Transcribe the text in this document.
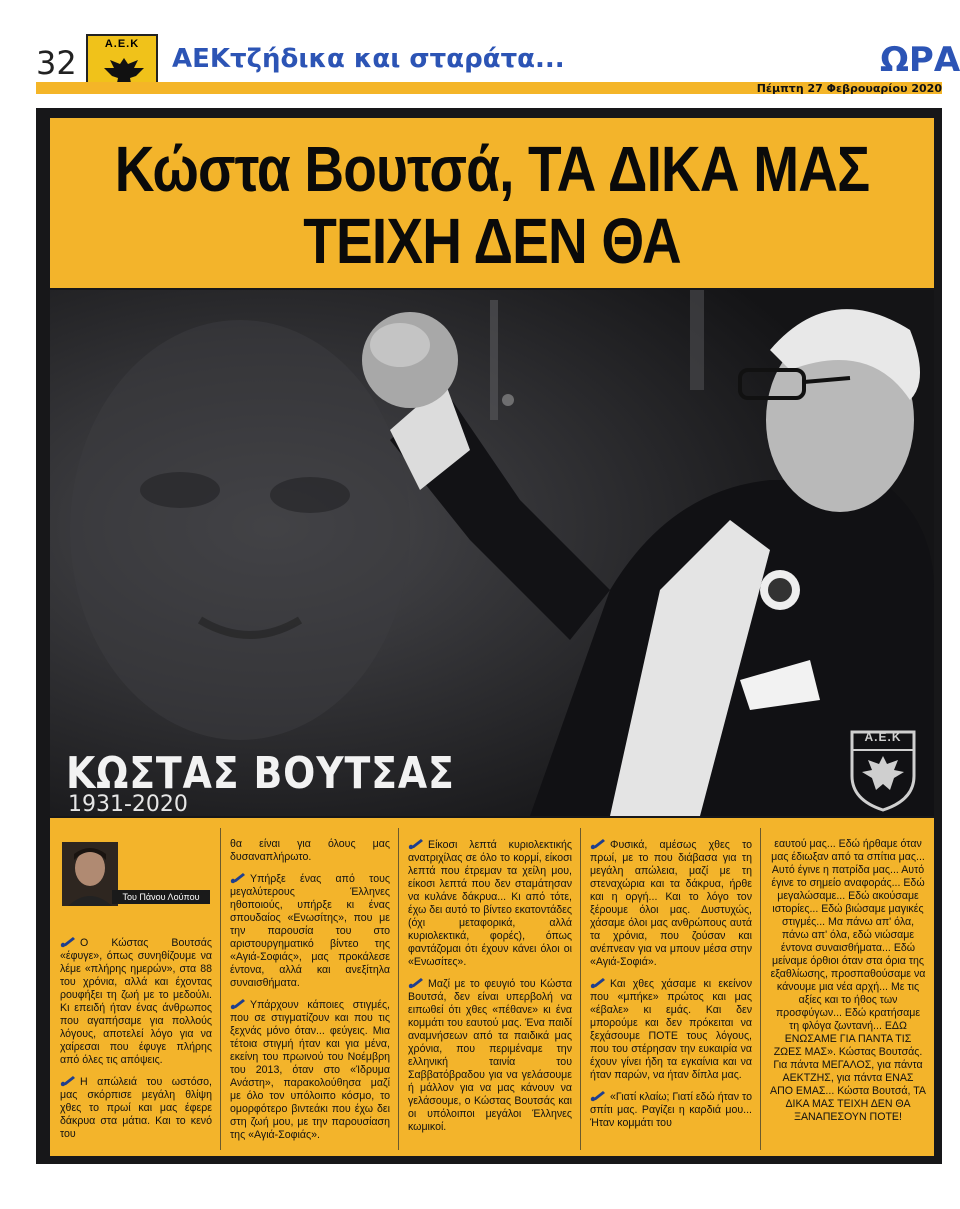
32	Α.Ε.Κ	ΑΕΚτζήδικα και σταράτα...	ΩΡΑ
Πέμπτη 27 Φεβρουαρίου 2020
Κώστα Βουτσά, ΤΑ ΔΙΚΑ ΜΑΣ
ΤΕΙΧΗ ΔΕΝ ΘΑ
ΚΩΣΤΑΣ ΒΟΥΤΣΑΣ
1931-2020
Α.Ε.Κ
Του Πάνου Λούπου

Ο Κώστας Βουτσάς «έφυγε», όπως συνηθίζουμε να λέμε «πλήρης ημερών», στα 88 του χρόνια, αλλά και έχοντας ρουφήξει τη ζωή με το μεδούλι. Κι επειδή ήταν ένας άνθρωπος που αγαπήσαμε για πολλούς λόγους, αποτελεί λόγο για να χαίρεσαι που έφυγε πλήρης από όλες τις απόψεις.

Η απώλειά του ωστόσο, μας σκόρπισε μεγάλη θλίψη χθες το πρωί και μας έφερε δάκρυα στα μάτια. Και το κενό του

θα είναι για όλους μας δυσαναπλήρωτο.

Υπήρξε ένας από τους μεγαλύτερους Έλληνες ηθοποιούς, υπήρξε κι ένας σπουδαίος «Ενωσίτης», που με την παρουσία του στο αριστουργηματικό βίντεο της «Αγιά-Σοφιάς», μας προκάλεσε έντονα, αλλά και ανεξίτηλα συναισθήματα.

Υπάρχουν κάποιες στιγμές, που σε στιγματίζουν και που τις ξεχνάς μόνο όταν... φεύγεις. Μια τέτοια στιγμή ήταν και για μένα, εκείνη του πρωινού του Νοέμβρη του 2013, όταν στο «Ίδρυμα Ανάστη», παρακολούθησα μαζί με όλο τον υπόλοιπο κόσμο, το ομορφότερο βιντεάκι που έχω δει στη ζωή μου, με την παρουσίαση της «Αγιά-Σοφιάς».

Είκοσι λεπτά κυριολεκτικής ανατριχίλας σε όλο το κορμί, είκοσι λεπτά που έτρεμαν τα χείλη μου, είκοσι λεπτά που δεν σταμάτησαν να κυλάνε δάκρυα... Κι από τότε, έχω δει αυτό το βίντεο εκατοντάδες (όχι μεταφορικά, αλλά κυριολεκτικά, φορές), όπως φαντάζομαι ότι έχουν κάνει όλοι οι «Ενωσίτες».

Μαζί με το φευγιό του Κώστα Βουτσά, δεν είναι υπερβολή να ειπωθεί ότι χθες «πέθανε» κι ένα κομμάτι του εαυτού μας. Ένα παιδί αναμνήσεων από τα παιδικά μας χρόνια, που περιμέναμε την ελληνική ταινία του Σαββατόβραδου για να γελάσουμε ή μάλλον για να μας κάνουν να γελάσουμε, ο Κώστας Βουτσάς και οι υπόλοιποι μεγάλοι Έλληνες κωμικοί.

Φυσικά, αμέσως χθες το πρωί, με το που διάβασα για τη μεγάλη απώλεια, μαζί με τη στεναχώρια και τα δάκρυα, ήρθε και η οργή... Και το λόγο τον ξέρουμε όλοι μας. Δυστυχώς, χάσαμε όλοι μας ανθρώπους αυτά τα χρόνια, που ζούσαν και ανέπνεαν για να μπουν μέσα στην «Αγιά-Σοφιά».

Και χθες χάσαμε κι εκείνον που «μπήκε» πρώτος και μας «έβαλε» κι εμάς. Και δεν μπορούμε και δεν πρόκειται να ξεχάσουμε ΠΟΤΕ τους λόγους, που του στέρησαν την ευκαιρία να έχουν γίνει ήδη τα εγκαίνια και να ήταν παρών, να ήταν δίπλα μας.

«Γιατί κλαίω; Γιατί εδώ ήταν το σπίτι μας. Ραγίζει η καρδιά μου... Ήταν κομμάτι του

εαυτού μας... Εδώ ήρθαμε όταν μας έδιωξαν από τα σπίτια μας... Αυτό έγινε η πατρίδα μας... Αυτό έγινε το σημείο αναφοράς... Εδώ μεγαλώσαμε... Εδώ ακούσαμε ιστορίες... Εδώ βιώσαμε μαγικές στιγμές... Μα πάνω απ' όλα, πάνω απ' όλα, εδώ νιώσαμε έντονα συναισθήματα... Εδώ μείναμε όρθιοι όταν στα όρια της εξαθλίωσης, προσπαθούσαμε να κάνουμε μια νέα αρχή... Με τις αξίες και το ήθος των προσφύγων... Εδώ κρατήσαμε τη φλόγα ζωντανή... ΕΔΩ ΕΝΩΣΑΜΕ ΓΙΑ ΠΑΝΤΑ ΤΙΣ ΖΩΕΣ ΜΑΣ». Κώστας Βουτσάς. Για πάντα ΜΕΓΑΛΟΣ, για πάντα ΑΕΚΤΖΗΣ, για πάντα ΕΝΑΣ ΑΠΟ ΕΜΑΣ... Κώστα Βουτσά, ΤΑ ΔΙΚΑ ΜΑΣ ΤΕΙΧΗ ΔΕΝ ΘΑ ΞΑΝΑΠΕΣΟΥΝ ΠΟΤΕ!
